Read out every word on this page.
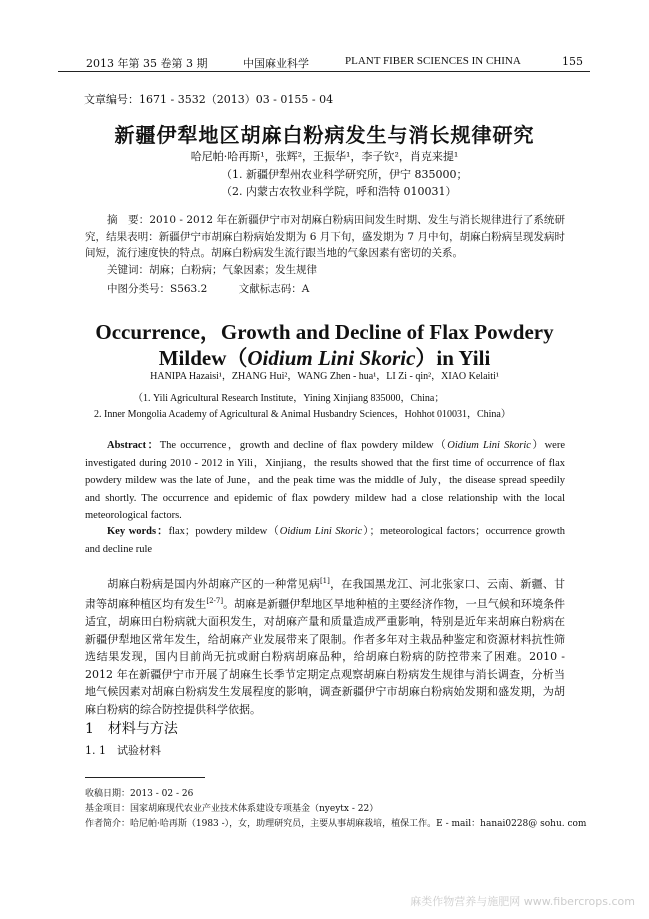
2013 年第 35 卷第 3 期	中国麻业科学	PLANT FIBER SCIENCES IN CHINA	155
文章编号：1671 - 3532（2013）03 - 0155 - 04
新疆伊犁地区胡麻白粉病发生与消长规律研究
哈尼帕·哈再斯¹，张辉²，王振华¹，李子钦²，肖克来提¹
（1. 新疆伊犁州农业科学研究所，伊宁 835000；
（2. 内蒙古农牧业科学院，呼和浩特 010031）
摘　要：2010 - 2012 年在新疆伊宁市对胡麻白粉病田间发生时期、发生与消长规律进行了系统研究，结果表明：新疆伊宁市胡麻白粉病始发期为 6 月下旬，盛发期为 7 月中旬，胡麻白粉病呈现发病时间短，流行速度快的特点。胡麻白粉病发生流行跟当地的气象因素有密切的关系。
关键词：胡麻；白粉病；气象因素；发生规律
中图分类号：S563.2　　　文献标志码：A
Occurrence，Growth and Decline of Flax Powdery
Mildew（Oidium Lini Skoric）in Yili
HANIPA Hazaisi¹，ZHANG Hui²，WANG Zhen - hua¹，LI Zi - qin²，XIAO Kelaiti¹
（1. Yili Agricultural Research Institute，Yining Xinjiang 835000，China；
2. Inner Mongolia Academy of Agricultural & Animal Husbandry Sciences，Hohhot 010031，China）
Abstract：The occurrence，growth and decline of flax powdery mildew（Oidium Lini Skoric）were investigated during 2010 - 2012 in Yili，Xinjiang，the results showed that the first time of occurrence of flax powdery mildew was the late of June，and the peak time was the middle of July，the disease spread speedily and shortly. The occurrence and epidemic of flax powdery mildew had a close relationship with the local meteorological factors.
Key words：flax；powdery mildew（Oidium Lini Skoric）；meteorological factors；occurrence growth and decline rule
胡麻白粉病是国内外胡麻产区的一种常见病[1]，在我国黑龙江、河北张家口、云南、新疆、甘肃等胡麻种植区均有发生[2-7]。胡麻是新疆伊犁地区旱地种植的主要经济作物，一旦气候和环境条件适宜，胡麻田白粉病就大面积发生，对胡麻产量和质量造成严重影响，特别是近年来胡麻白粉病在新疆伊犁地区常年发生，给胡麻产业发展带来了限制。作者多年对主栽品种鉴定和资源材料抗性筛选结果发现，国内目前尚无抗或耐白粉病胡麻品种，给胡麻白粉病的防控带来了困难。2010 - 2012 年在新疆伊宁市开展了胡麻生长季节定期定点观察胡麻白粉病发生规律与消长调查，分析当地气候因素对胡麻白粉病发生发展程度的影响，调查新疆伊宁市胡麻白粉病始发期和盛发期，为胡麻白粉病的综合防控提供科学依据。
1　材料与方法
1. 1　试验材料
收稿日期：2013 - 02 - 26
基金项目：国家胡麻现代农业产业技术体系建设专项基金（nyeytx - 22）
作者简介：哈尼帕·哈再斯（1983 -），女，助理研究员，主要从事胡麻栽培，植保工作。E - mail：hanai0228@ sohu. com
麻类作物营养与施肥网 www.fibercrops.com
